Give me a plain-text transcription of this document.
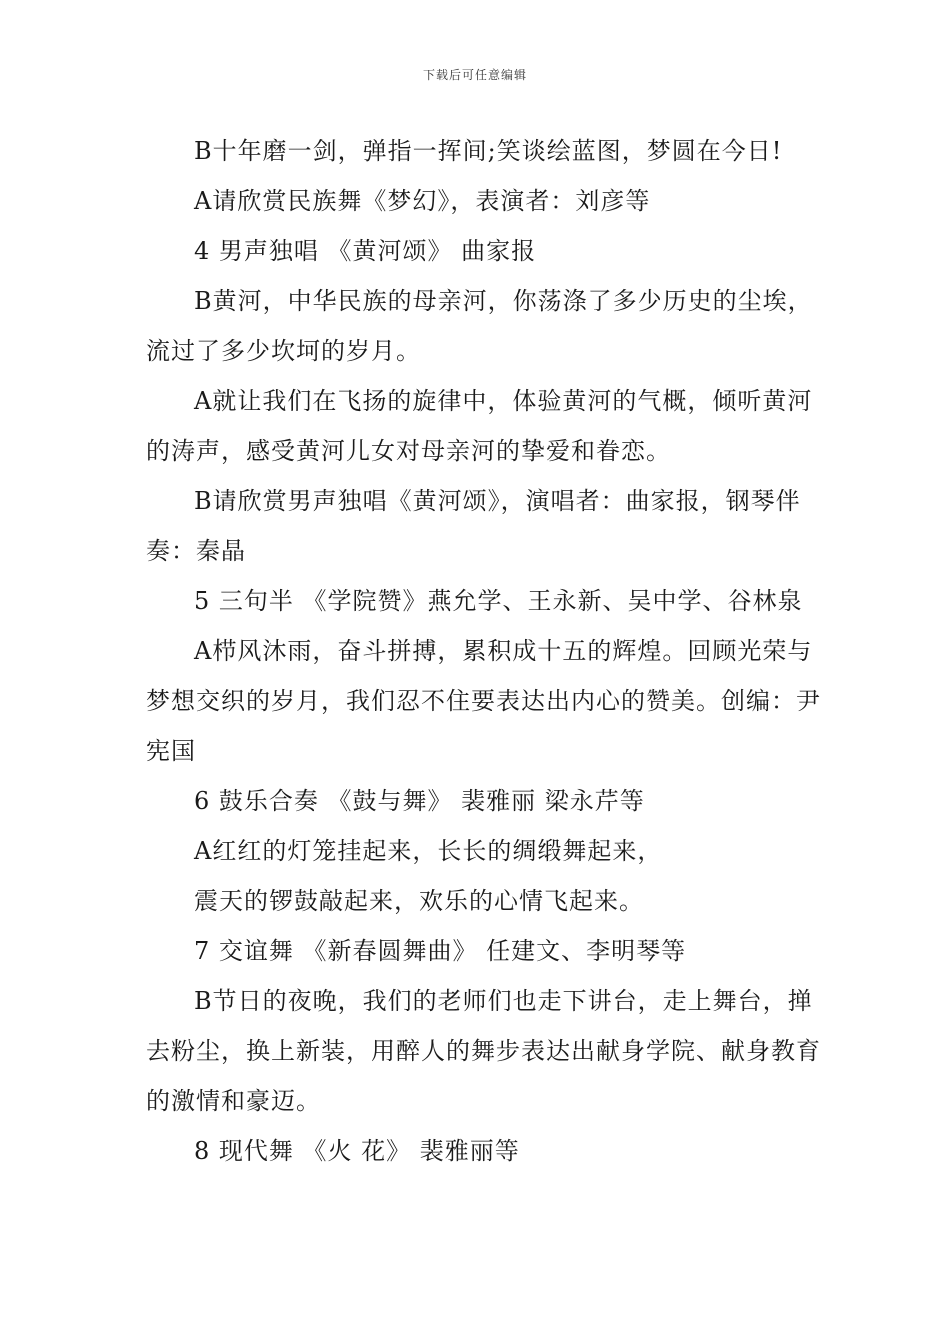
下载后可任意编辑

B十年磨一剑，弹指一挥间;笑谈绘蓝图，梦圆在今日!

A请欣赏民族舞《梦幻》，表演者：刘彦等

4 男声独唱 《黄河颂》 曲家报

B黄河，中华民族的母亲河，你荡涤了多少历史的尘埃，流过了多少坎坷的岁月。

A就让我们在飞扬的旋律中，体验黄河的气概，倾听黄河的涛声，感受黄河儿女对母亲河的挚爱和眷恋。

B请欣赏男声独唱《黄河颂》，演唱者：曲家报，钢琴伴奏：秦晶

5 三句半 《学院赞》燕允学、王永新、吴中学、谷林泉

A栉风沐雨，奋斗拼搏，累积成十五的辉煌。回顾光荣与梦想交织的岁月，我们忍不住要表达出内心的赞美。创编：尹宪国

6 鼓乐合奏 《鼓与舞》 裴雅丽 梁永芹等

A红红的灯笼挂起来，长长的绸缎舞起来，

震天的锣鼓敲起来，欢乐的心情飞起来。

7 交谊舞 《新春圆舞曲》 任建文、李明琴等

B节日的夜晚，我们的老师们也走下讲台，走上舞台，掸去粉尘，换上新装，用醉人的舞步表达出献身学院、献身教育的激情和豪迈。

8 现代舞 《火 花》 裴雅丽等
